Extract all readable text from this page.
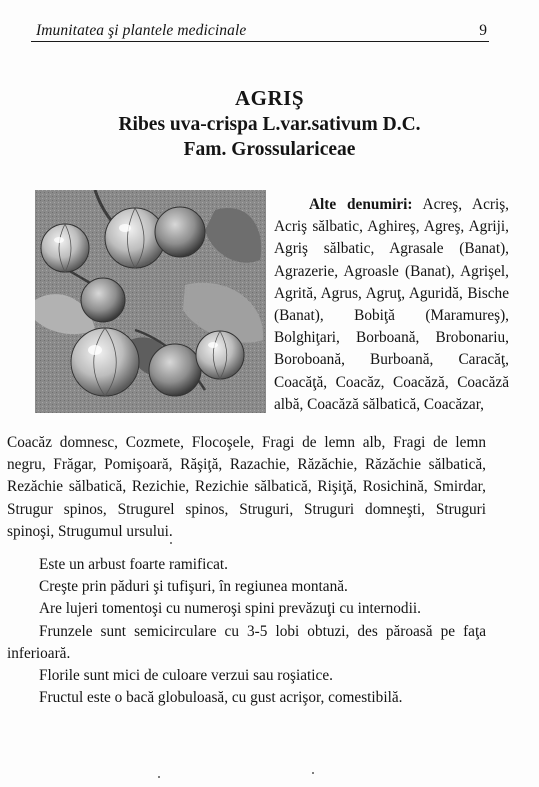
Imunitatea şi plantele medicinale	9
AGRIŞ
Ribes uva-crispa L.var.sativum D.C.
Fam. Grossulariceae
Alte denumiri: Acreş, Acriş, Acriş sălbatic, Aghireş, Agreş, Agriji, Agriş sălbatic, Agrasale (Banat), Agrazerie, Agroasle (Banat), Agrişel, Agrită, Agrus, Agruţ, Aguridă, Bische (Banat), Bobiţă (Maramureş), Bolghiţari, Borboană, Brobonariu, Boroboană, Burboană, Caracăţ, Coacăţă, Coacăz, Coacăză, Coacăză albă, Coacăză sălbatică, Coacăzar,
Coacăz domnesc, Cozmete, Flocoşele, Fragi de lemn alb, Fragi de lemn negru, Frăgar, Pomişoară, Răşiţă, Razachie, Răzăchie, Răzăchie sălbatică, Rezăchie sălbatică, Rezichie, Rezichie sălbatică, Rişiţă, Rosichină, Smirdar, Strugur spinos, Strugurel spinos, Struguri, Struguri domneşti, Struguri spinoşi, Strugumul ursului.

Este un arbust foarte ramificat.

Creşte prin păduri şi tufişuri, în regiunea montană.

Are lujeri tomentoşi cu numeroşi spini prevăzuţi cu internodii.

Frunzele sunt semicirculare cu 3-5 lobi obtuzi, des păroasă pe faţa inferioară.

Florile sunt mici de culoare verzui sau roşiatice.

Fructul este o bacă globuloasă, cu gust acrişor, comestibilă.
